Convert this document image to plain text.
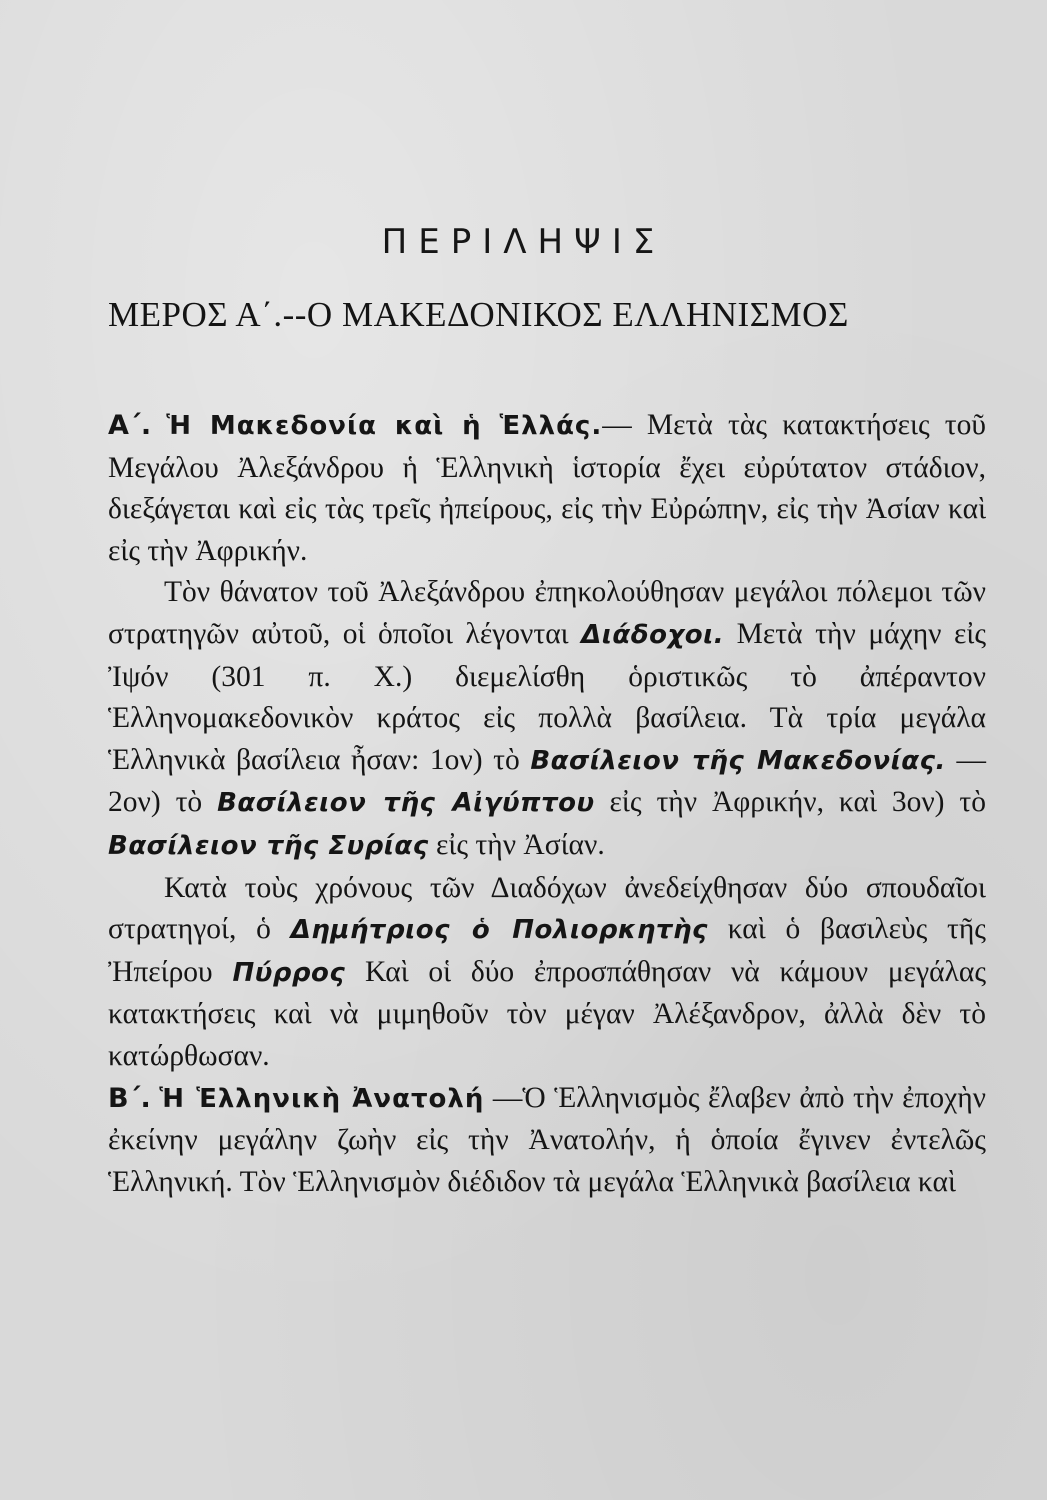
ΠΕΡΙΛΗΨΙΣ
ΜΕΡΟΣ Α΄.--Ο ΜΑΚΕΔΟΝΙΚΟΣ ΕΛΛΗΝΙΣΜΟΣ

Α΄. Ἡ Μακεδονία καὶ ἡ Ἑλλάς.— Μετὰ τὰς κατακτήσεις τοῦ Μεγάλου Ἀλεξάνδρου ἡ Ἑλληνικὴ ἱστορία ἔχει εὐρύτατον στάδιον, διεξάγεται καὶ εἰς τὰς τρεῖς ἠπείρους, εἰς τὴν Εὐρώπην, εἰς τὴν Ἀσίαν καὶ εἰς τὴν Ἀφρικήν.

Τὸν θάνατον τοῦ Ἀλεξάνδρου ἐπηκολούθησαν μεγάλοι πόλεμοι τῶν στρατηγῶν αὐτοῦ, οἱ ὁποῖοι λέγονται Διάδοχοι. Μετὰ τὴν μάχην εἰς Ἰψόν (301 π. Χ.) διεμελίσθη ὁριστικῶς τὸ ἀπέραντον Ἑλληνομακεδονικὸν κράτος εἰς πολλὰ βασίλεια. Τὰ τρία μεγάλα Ἑλληνικὰ βασίλεια ἦσαν: 1ον) τὸ Βασίλειον τῆς Μακεδονίας. —2ον) τὸ Βασίλειον τῆς Αἰγύπτου εἰς τὴν Ἀφρικήν, καὶ 3ον) τὸ Βασίλειον τῆς Συρίας εἰς τὴν Ἀσίαν.

Κατὰ τοὺς χρόνους τῶν Διαδόχων ἀνεδείχθησαν δύο σπουδαῖοι στρατηγοί, ὁ Δημήτριος ὁ Πολιορκητὴς καὶ ὁ βασιλεὺς τῆς Ἠπείρου Πύρρος Καὶ οἱ δύο ἐπροσπάθησαν νὰ κάμουν μεγάλας κατακτήσεις καὶ νὰ μιμηθοῦν τὸν μέγαν Ἀλέξανδρον, ἀλλὰ δὲν τὸ κατώρθωσαν.

Β΄. Ἡ Ἑλληνικὴ Ἀνατολή —Ὁ Ἑλληνισμὸς ἔλαβεν ἀπὸ τὴν ἐποχὴν ἐκείνην μεγάλην ζωὴν εἰς τὴν Ἀνατολήν, ἡ ὁποία ἔγινεν ἐντελῶς Ἑλληνική. Τὸν Ἑλληνισμὸν διέδιδον τὰ μεγάλα Ἑλληνικὰ βασίλεια καὶ
